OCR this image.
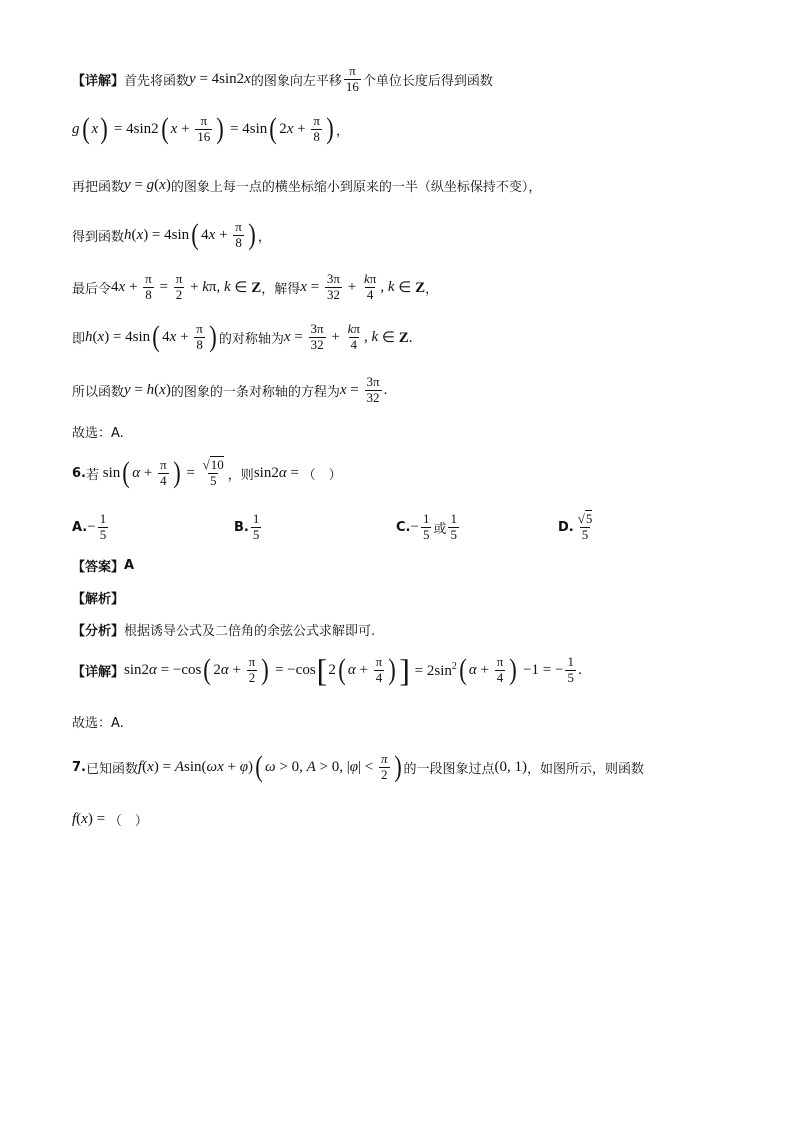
【详解】 首先将函数 y = 4sin2 x 的图象向左平移 $\frac{\pi}{16}$ 个单位长度后得到函数
g ( x ) = 4sin2 ( $x + \frac{\pi}{16}$ ) = 4sin ( 2 $x + \frac{\pi}{8}$ ) ，
再把函数 y = g ( x ) 的图象上每一点的横坐标缩小到原来的一半（纵坐标保持不变），
得到函数 h ( x ) = 4sin ( 4 $x + \frac{\pi}{8}$ ) ，
最后令 4 $x + \frac{\pi}{8} = \frac{\pi}{2} + k$ π, k ∈ Z ，解得 $x = \frac{3\pi}{32} + \frac{k\pi}{4}$ , k ∈ Z ，
即 h ( x ) = 4sin ( 4 $x + \frac{\pi}{8}$ ) 的对称轴为 $x = \frac{3\pi}{32} + \frac{k\pi}{4}$ , k ∈ Z.
所以函数 y = h ( x ) 的图象的一条对称轴的方程为 $x = \frac{3\pi}{32}$ .
故选：A.
6. 若 sin ( $\alpha + \frac{\pi}{4}$ ) = $\frac{√10}{5}$ ，则 sin2 α = （　）
A. − $\frac{1}{5}$	B. $\frac{1}{5}$	C. − $\frac{1}{5}$ 或 $\frac{1}{5}$	D. $\frac{√5}{5}$
【答案】 A
【解析】
【分析】 根据诱导公式及二倍角的余弦公式求解即可.
【详解】 sin2 α = −cos ( 2 $\alpha + \frac{\pi}{2}$ ) = −cos [ 2 ( $\alpha + \frac{\pi}{4}$ ) ] = $2\sin^2$ ( $\alpha + \frac{\pi}{4}$ ) −1 = − $\frac{1}{5}$ .
故选：A.
7. 已知函数 f ( x ) = A sin ( ωx + φ ) ( ω > 0, A > 0, | φ | < $\frac{\pi}{2}$ ) 的一段图象过点 (0, 1) ，如图所示，则函数
f ( x ) = （　）
